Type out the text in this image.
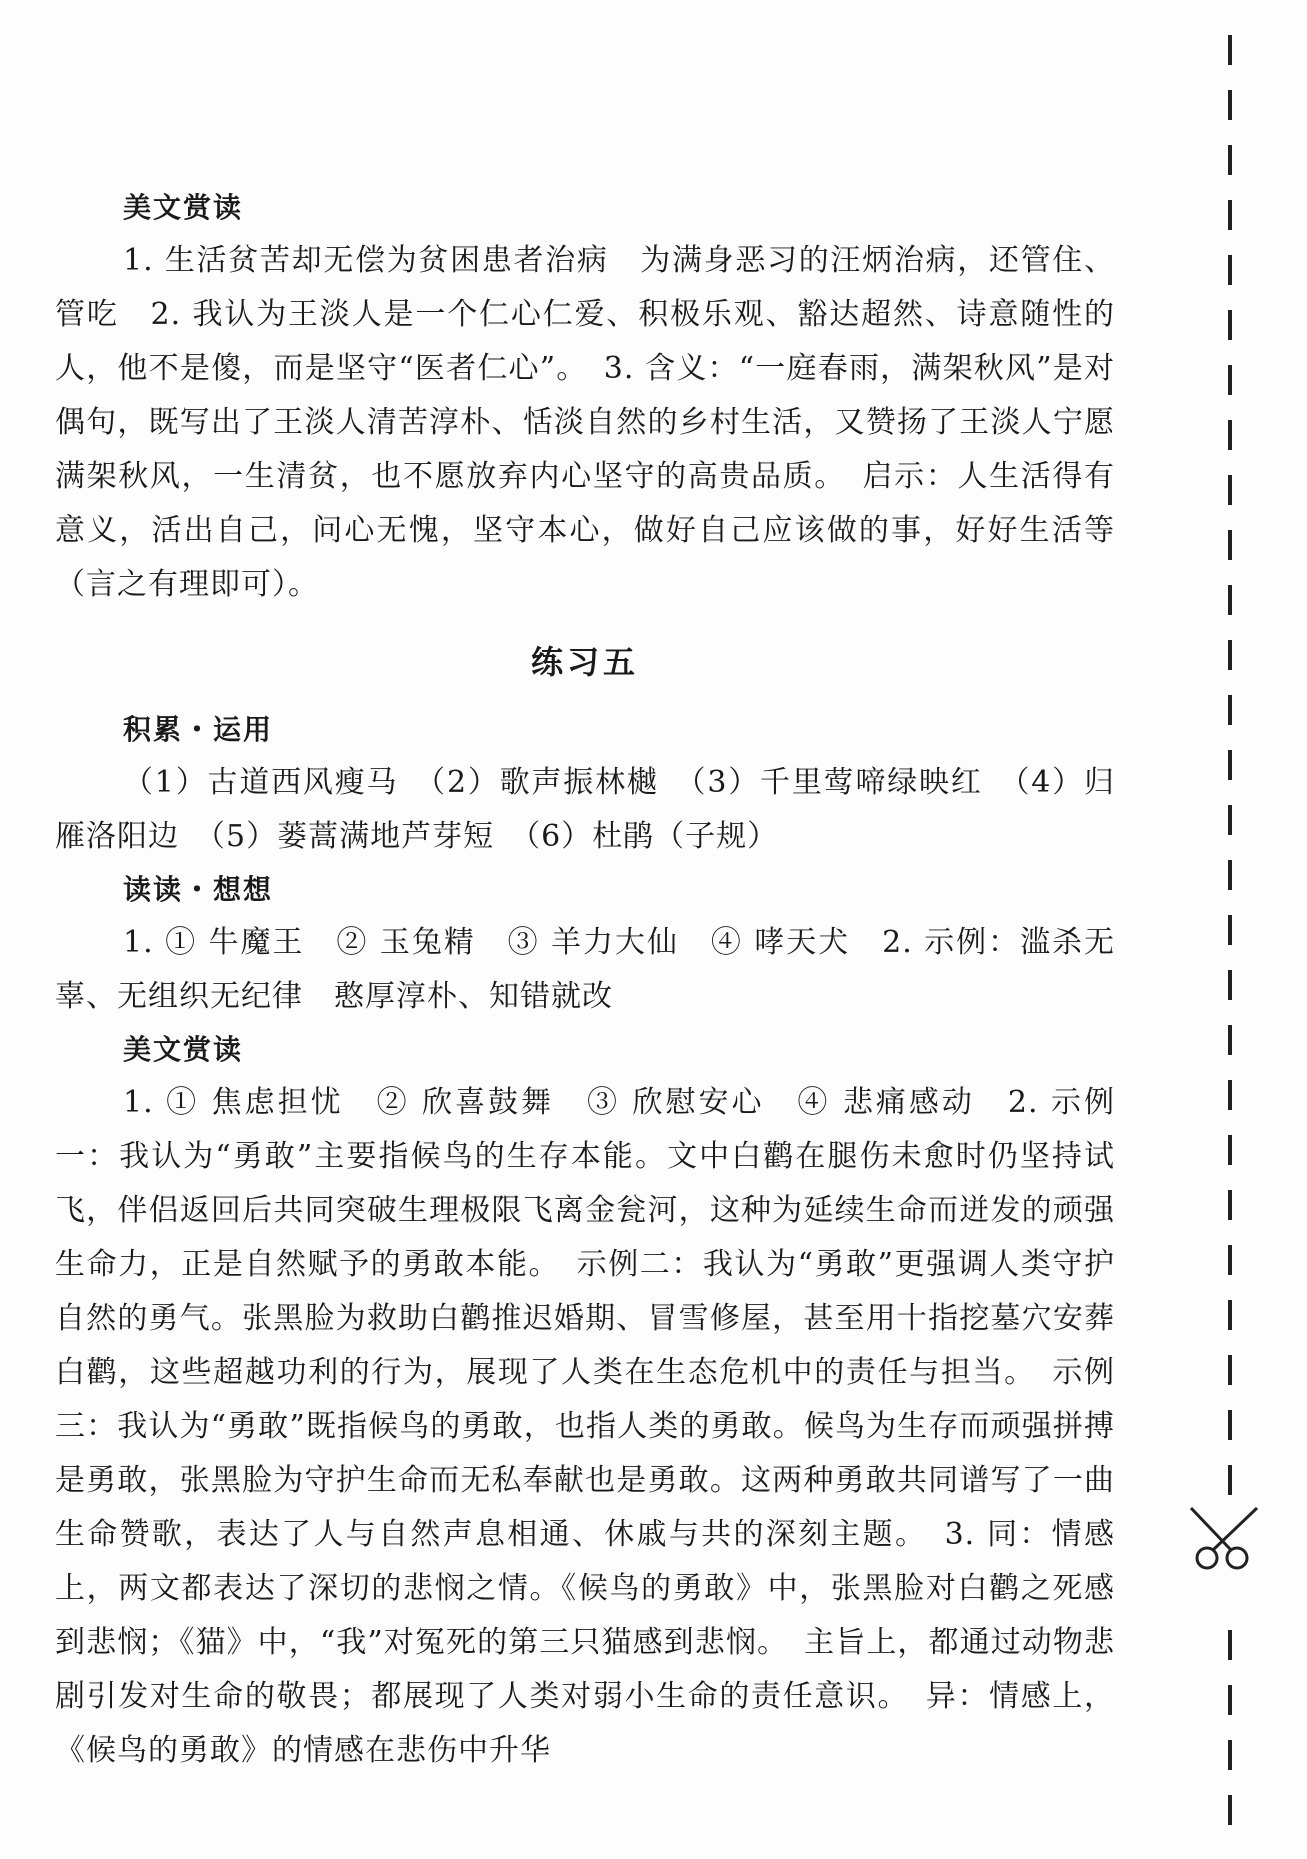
美文赏读

1. 生活贫苦却无偿为贫困患者治病　为满身恶习的汪炳治病，还管住、管吃　2. 我认为王淡人是一个仁心仁爱、积极乐观、豁达超然、诗意随性的人，他不是傻，而是坚守“医者仁心”。　3. 含义：“一庭春雨，满架秋风”是对偶句，既写出了王淡人清苦淳朴、恬淡自然的乡村生活，又赞扬了王淡人宁愿满架秋风，一生清贫，也不愿放弃内心坚守的高贵品质。　启示：人生活得有意义，活出自己，问心无愧，坚守本心，做好自己应该做的事，好好生活等（言之有理即可）。

练习五
积累・运用

（1）古道西风瘦马　（2）歌声振林樾　（3）千里莺啼绿映红　（4）归雁洛阳边　（5）蒌蒿满地芦芽短　（6）杜鹃（子规）

读读・想想

1. ① 牛魔王　② 玉兔精　③ 羊力大仙　④ 哮天犬　2. 示例：滥杀无辜、无组织无纪律　憨厚淳朴、知错就改

美文赏读

1. ① 焦虑担忧　② 欣喜鼓舞　③ 欣慰安心　④ 悲痛感动　2. 示例一：我认为“勇敢”主要指候鸟的生存本能。文中白鹳在腿伤未愈时仍坚持试飞，伴侣返回后共同突破生理极限飞离金瓮河，这种为延续生命而迸发的顽强生命力，正是自然赋予的勇敢本能。　示例二：我认为“勇敢”更强调人类守护自然的勇气。张黑脸为救助白鹳推迟婚期、冒雪修屋，甚至用十指挖墓穴安葬白鹳，这些超越功利的行为，展现了人类在生态危机中的责任与担当。　示例三：我认为“勇敢”既指候鸟的勇敢，也指人类的勇敢。候鸟为生存而顽强拼搏是勇敢，张黑脸为守护生命而无私奉献也是勇敢。这两种勇敢共同谱写了一曲生命赞歌，表达了人与自然声息相通、休戚与共的深刻主题。　3. 同：情感上，两文都表达了深切的悲悯之情。《候鸟的勇敢》中，张黑脸对白鹳之死感到悲悯；《猫》中，“我”对冤死的第三只猫感到悲悯。　主旨上，都通过动物悲剧引发对生命的敬畏；都展现了人类对弱小生命的责任意识。　异：情感上，《候鸟的勇敢》的情感在悲伤中升华
